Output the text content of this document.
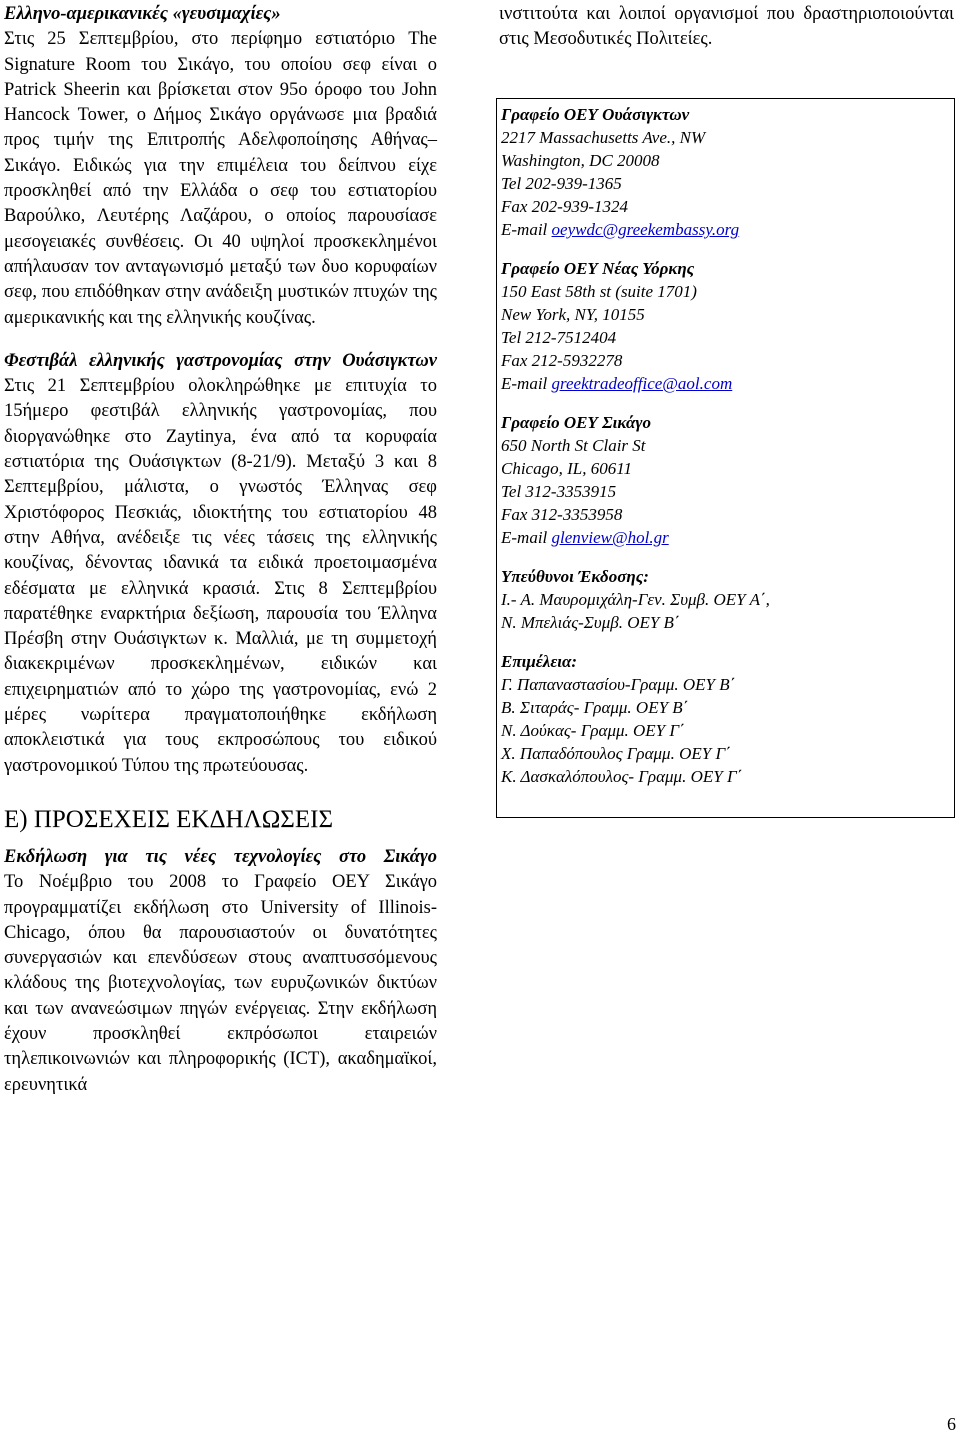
Ελληνο-αμερικανικές «γευσιμαχίες»
Στις 25 Σεπτεμβρίου, στο περίφημο εστιατόριο The Signature Room του Σικάγο, του οποίου σεφ είναι ο Patrick Sheerin και βρίσκεται στον 95ο όροφο του John Hancock Tower, ο Δήμος Σικάγο οργάνωσε μια βραδιά προς τιμήν της Επιτροπής Αδελφοποίησης Αθήνας–Σικάγο. Ειδικώς για την επιμέλεια του δείπνου είχε προσκληθεί από την Ελλάδα ο σεφ του εστιατορίου Βαρούλκο, Λευτέρης Λαζάρου, ο οποίος παρουσίασε μεσογειακές συνθέσεις. Οι 40 υψηλοί προσκεκλημένοι απήλαυσαν τον ανταγωνισμό μεταξύ των δυο κορυφαίων σεφ, που επιδόθηκαν στην ανάδειξη μυστικών πτυχών της αμερικανικής και της ελληνικής κουζίνας.
Φεστιβάλ ελληνικής γαστρονομίας στην Ουάσιγκτων
Στις 21 Σεπτεμβρίου ολοκληρώθηκε με επιτυχία το 15ήμερο φεστιβάλ ελληνικής γαστρονομίας, που διοργανώθηκε στο Zaytinya, ένα από τα κορυφαία εστιατόρια της Ουάσιγκτων (8-21/9). Μεταξύ 3 και 8 Σεπτεμβρίου, μάλιστα, ο γνωστός Έλληνας σεφ Χριστόφορος Πεσκιάς, ιδιοκτήτης του εστιατορίου 48 στην Αθήνα, ανέδειξε τις νέες τάσεις της ελληνικής κουζίνας, δένοντας ιδανικά τα ειδικά προετοιμασμένα εδέσματα με ελληνικά κρασιά. Στις 8 Σεπτεμβρίου παρατέθηκε εναρκτήρια δεξίωση, παρουσία του Έλληνα Πρέσβη στην Ουάσιγκτων κ. Μαλλιά, με τη συμμετοχή διακεκριμένων προσκεκλημένων, ειδικών και επιχειρηματιών από το χώρο της γαστρονομίας, ενώ 2 μέρες νωρίτερα πραγματοποιήθηκε εκδήλωση αποκλειστικά για τους εκπροσώπους του ειδικού γαστρονομικού Τύπου της πρωτεύουσας.
Ε) ΠΡΟΣΕΧΕΙΣ ΕΚΔΗΛΩΣΕΙΣ
Εκδήλωση για τις νέες τεχνολογίες στο Σικάγο
Το Νοέμβριο του 2008 το Γραφείο ΟΕΥ Σικάγο προγραμματίζει εκδήλωση στο University of Illinois-Chicago, όπου θα παρουσιαστούν οι δυνατότητες συνεργασιών και επενδύσεων στους αναπτυσσόμενους κλάδους της βιοτεχνολογίας, των ευρυζωνικών δικτύων και των ανανεώσιμων πηγών ενέργειας. Στην εκδήλωση έχουν προσκληθεί εκπρόσωποι εταιρειών τηλεπικοινωνιών και πληροφορικής (ICT), ακαδημαϊκοί, ερευνητικά
ινστιτούτα και λοιποί οργανισμοί που δραστηριοποιούνται στις Μεσοδυτικές Πολιτείες.
Γραφείο ΟΕΥ Ουάσιγκτων
2217 Massachusetts Ave., NW
Washington, DC 20008
Tel 202-939-1365
Fax 202-939-1324
E-mail oeywdc@greekembassy.org
Γραφείο ΟΕΥ Νέας Υόρκης
150 East 58th st (suite 1701)
New York, NY, 10155
Tel 212-7512404
Fax 212-5932278
E-mail greektradeoffice@aol.com
Γραφείο ΟΕΥ Σικάγο
650 North St Clair St
Chicago, IL, 60611
Tel 312-3353915
Fax 312-3353958
E-mail glenview@hol.gr
Υπεύθυνοι Έκδοσης:
Ι.- Α. Μαυρομιχάλη-Γεν. Συμβ. ΟΕΥ Α΄,
Ν. Μπελιάς-Συμβ. ΟΕΥ Β΄
Επιμέλεια:
Γ. Παπαναστασίου-Γραμμ. ΟΕΥ Β΄
Β. Σιταράς- Γραμμ. ΟΕΥ Β΄
Ν. Δούκας- Γραμμ. ΟΕΥ Γ΄
Χ. Παπαδόπουλος Γραμμ. ΟΕΥ Γ΄
Κ. Δασκαλόπουλος- Γραμμ. ΟΕΥ Γ΄
6
